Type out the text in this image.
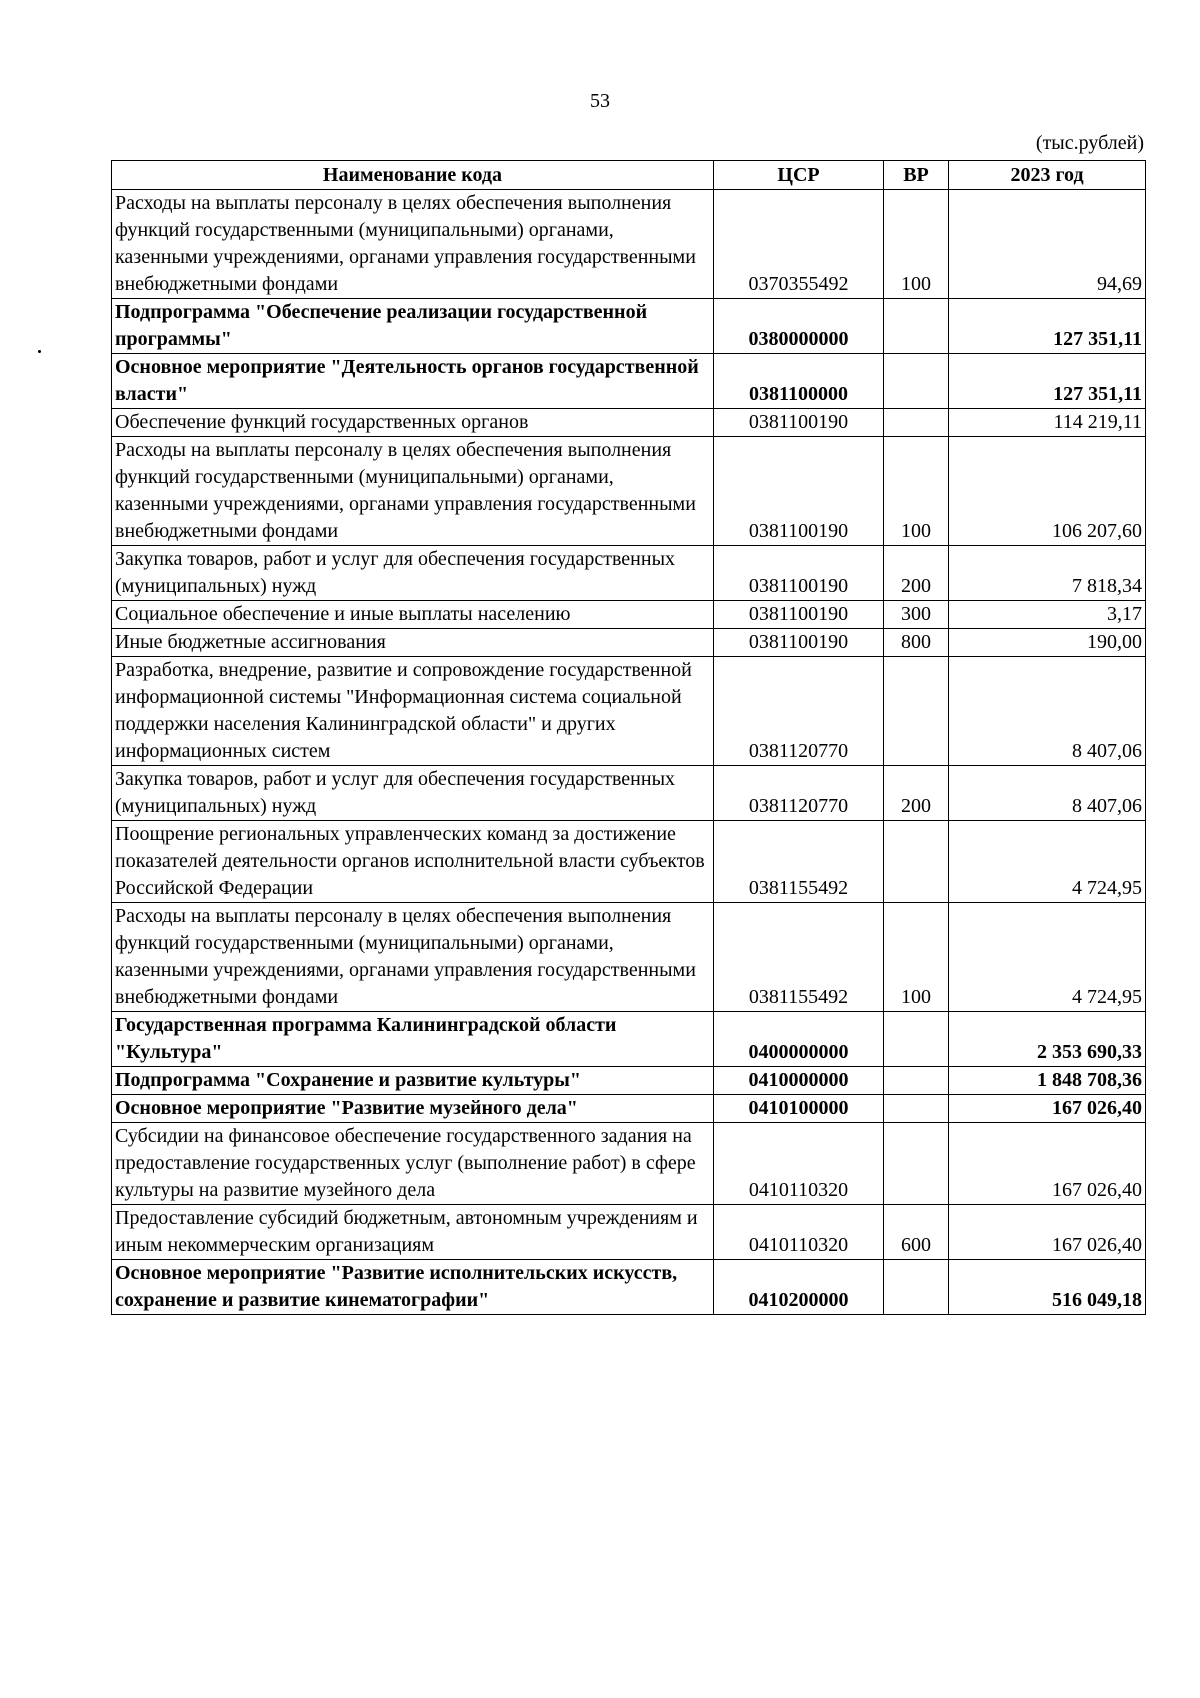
53
(тыс.рублей)
Наименование кода	ЦСР	ВР	2023 год
Расходы на выплаты персоналу в целях обеспечения выполнения функций государственными (муниципальными) органами, казенными учреждениями, органами управления государственными внебюджетными фондами	0370355492	100	94,69
Подпрограмма "Обеспечение реализации государственной программы"	0380000000		127 351,11
Основное мероприятие "Деятельность органов государственной власти"	0381100000		127 351,11
Обеспечение функций государственных органов	0381100190		114 219,11
Расходы на выплаты персоналу в целях обеспечения выполнения функций государственными (муниципальными) органами, казенными учреждениями, органами управления государственными внебюджетными фондами	0381100190	100	106 207,60
Закупка товаров, работ и услуг для обеспечения государственных (муниципальных) нужд	0381100190	200	7 818,34
Социальное обеспечение и иные выплаты населению	0381100190	300	3,17
Иные бюджетные ассигнования	0381100190	800	190,00
Разработка, внедрение, развитие и сопровождение государственной информационной системы "Информационная система социальной поддержки населения Калининградской области" и других информационных систем	0381120770		8 407,06
Закупка товаров, работ и услуг для обеспечения государственных (муниципальных) нужд	0381120770	200	8 407,06
Поощрение региональных управленческих команд за достижение показателей деятельности органов исполнительной власти субъектов Российской Федерации	0381155492		4 724,95
Расходы на выплаты персоналу в целях обеспечения выполнения функций государственными (муниципальными) органами, казенными учреждениями, органами управления государственными внебюджетными фондами	0381155492	100	4 724,95
Государственная программа Калининградской области "Культура"	0400000000		2 353 690,33
Подпрограмма "Сохранение и развитие культуры"	0410000000		1 848 708,36
Основное мероприятие "Развитие музейного дела"	0410100000		167 026,40
Субсидии на финансовое обеспечение государственного задания на предоставление государственных услуг (выполнение работ) в сфере культуры на развитие музейного дела	0410110320		167 026,40
Предоставление субсидий бюджетным, автономным учреждениям и иным некоммерческим организациям	0410110320	600	167 026,40
Основное мероприятие "Развитие исполнительских искусств, сохранение и развитие кинематографии"	0410200000		516 049,18
